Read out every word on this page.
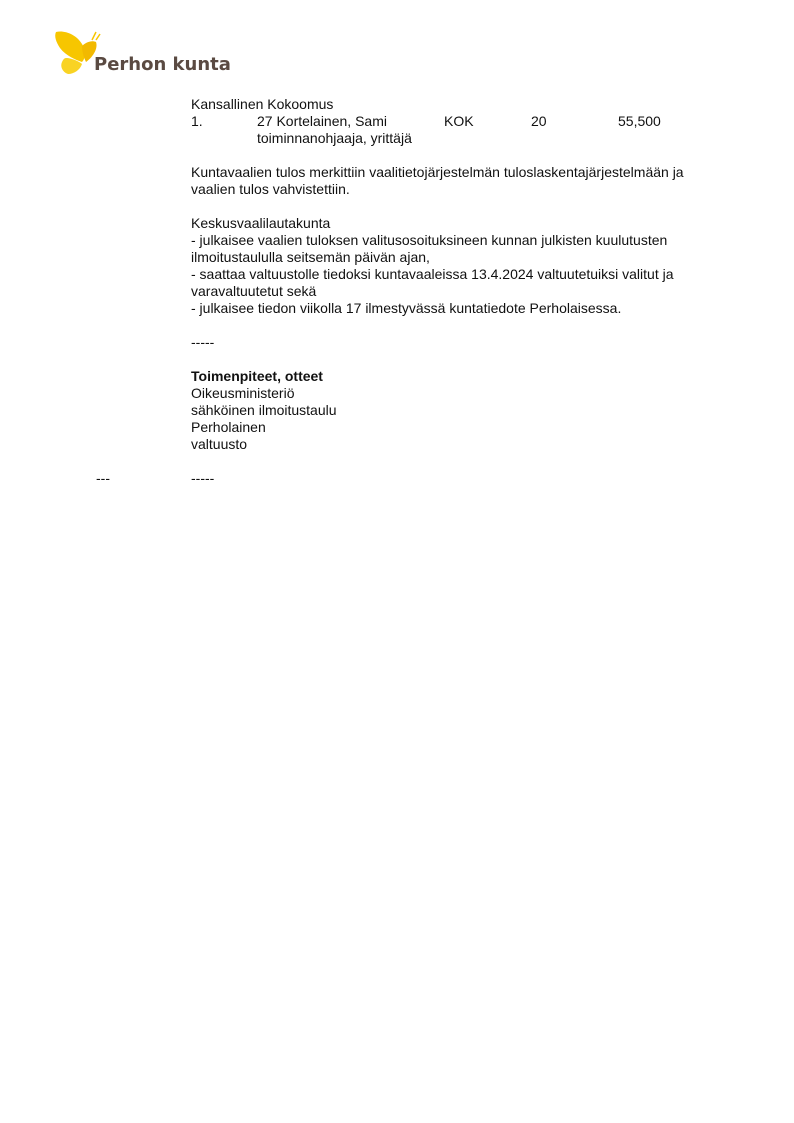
Perhon kunta
Kansallinen Kokoomus
1.	27 Kortelainen, Sami	KOK	20	55,500
toiminnanohjaaja, yrittäjä
Kuntavaalien tulos merkittiin vaalitietojärjestelmän tuloslaskentajärjestelmään ja vaalien tulos vahvistettiin.
Keskusvaalilautakunta
- julkaisee vaalien tuloksen valitusosoituksineen kunnan julkisten kuulutusten ilmoitustaululla seitsemän päivän ajan,
- saattaa valtuustolle tiedoksi kuntavaaleissa 13.4.2024 valtuutetuiksi valitut ja varavaltuutetut sekä
- julkaisee tiedon viikolla 17 ilmestyvässä kuntatiedote Perholaisessa.
-----
Toimenpiteet, otteet
Oikeusministeriö
sähköinen ilmoitustaulu
Perholainen
valtuusto
---	-----
